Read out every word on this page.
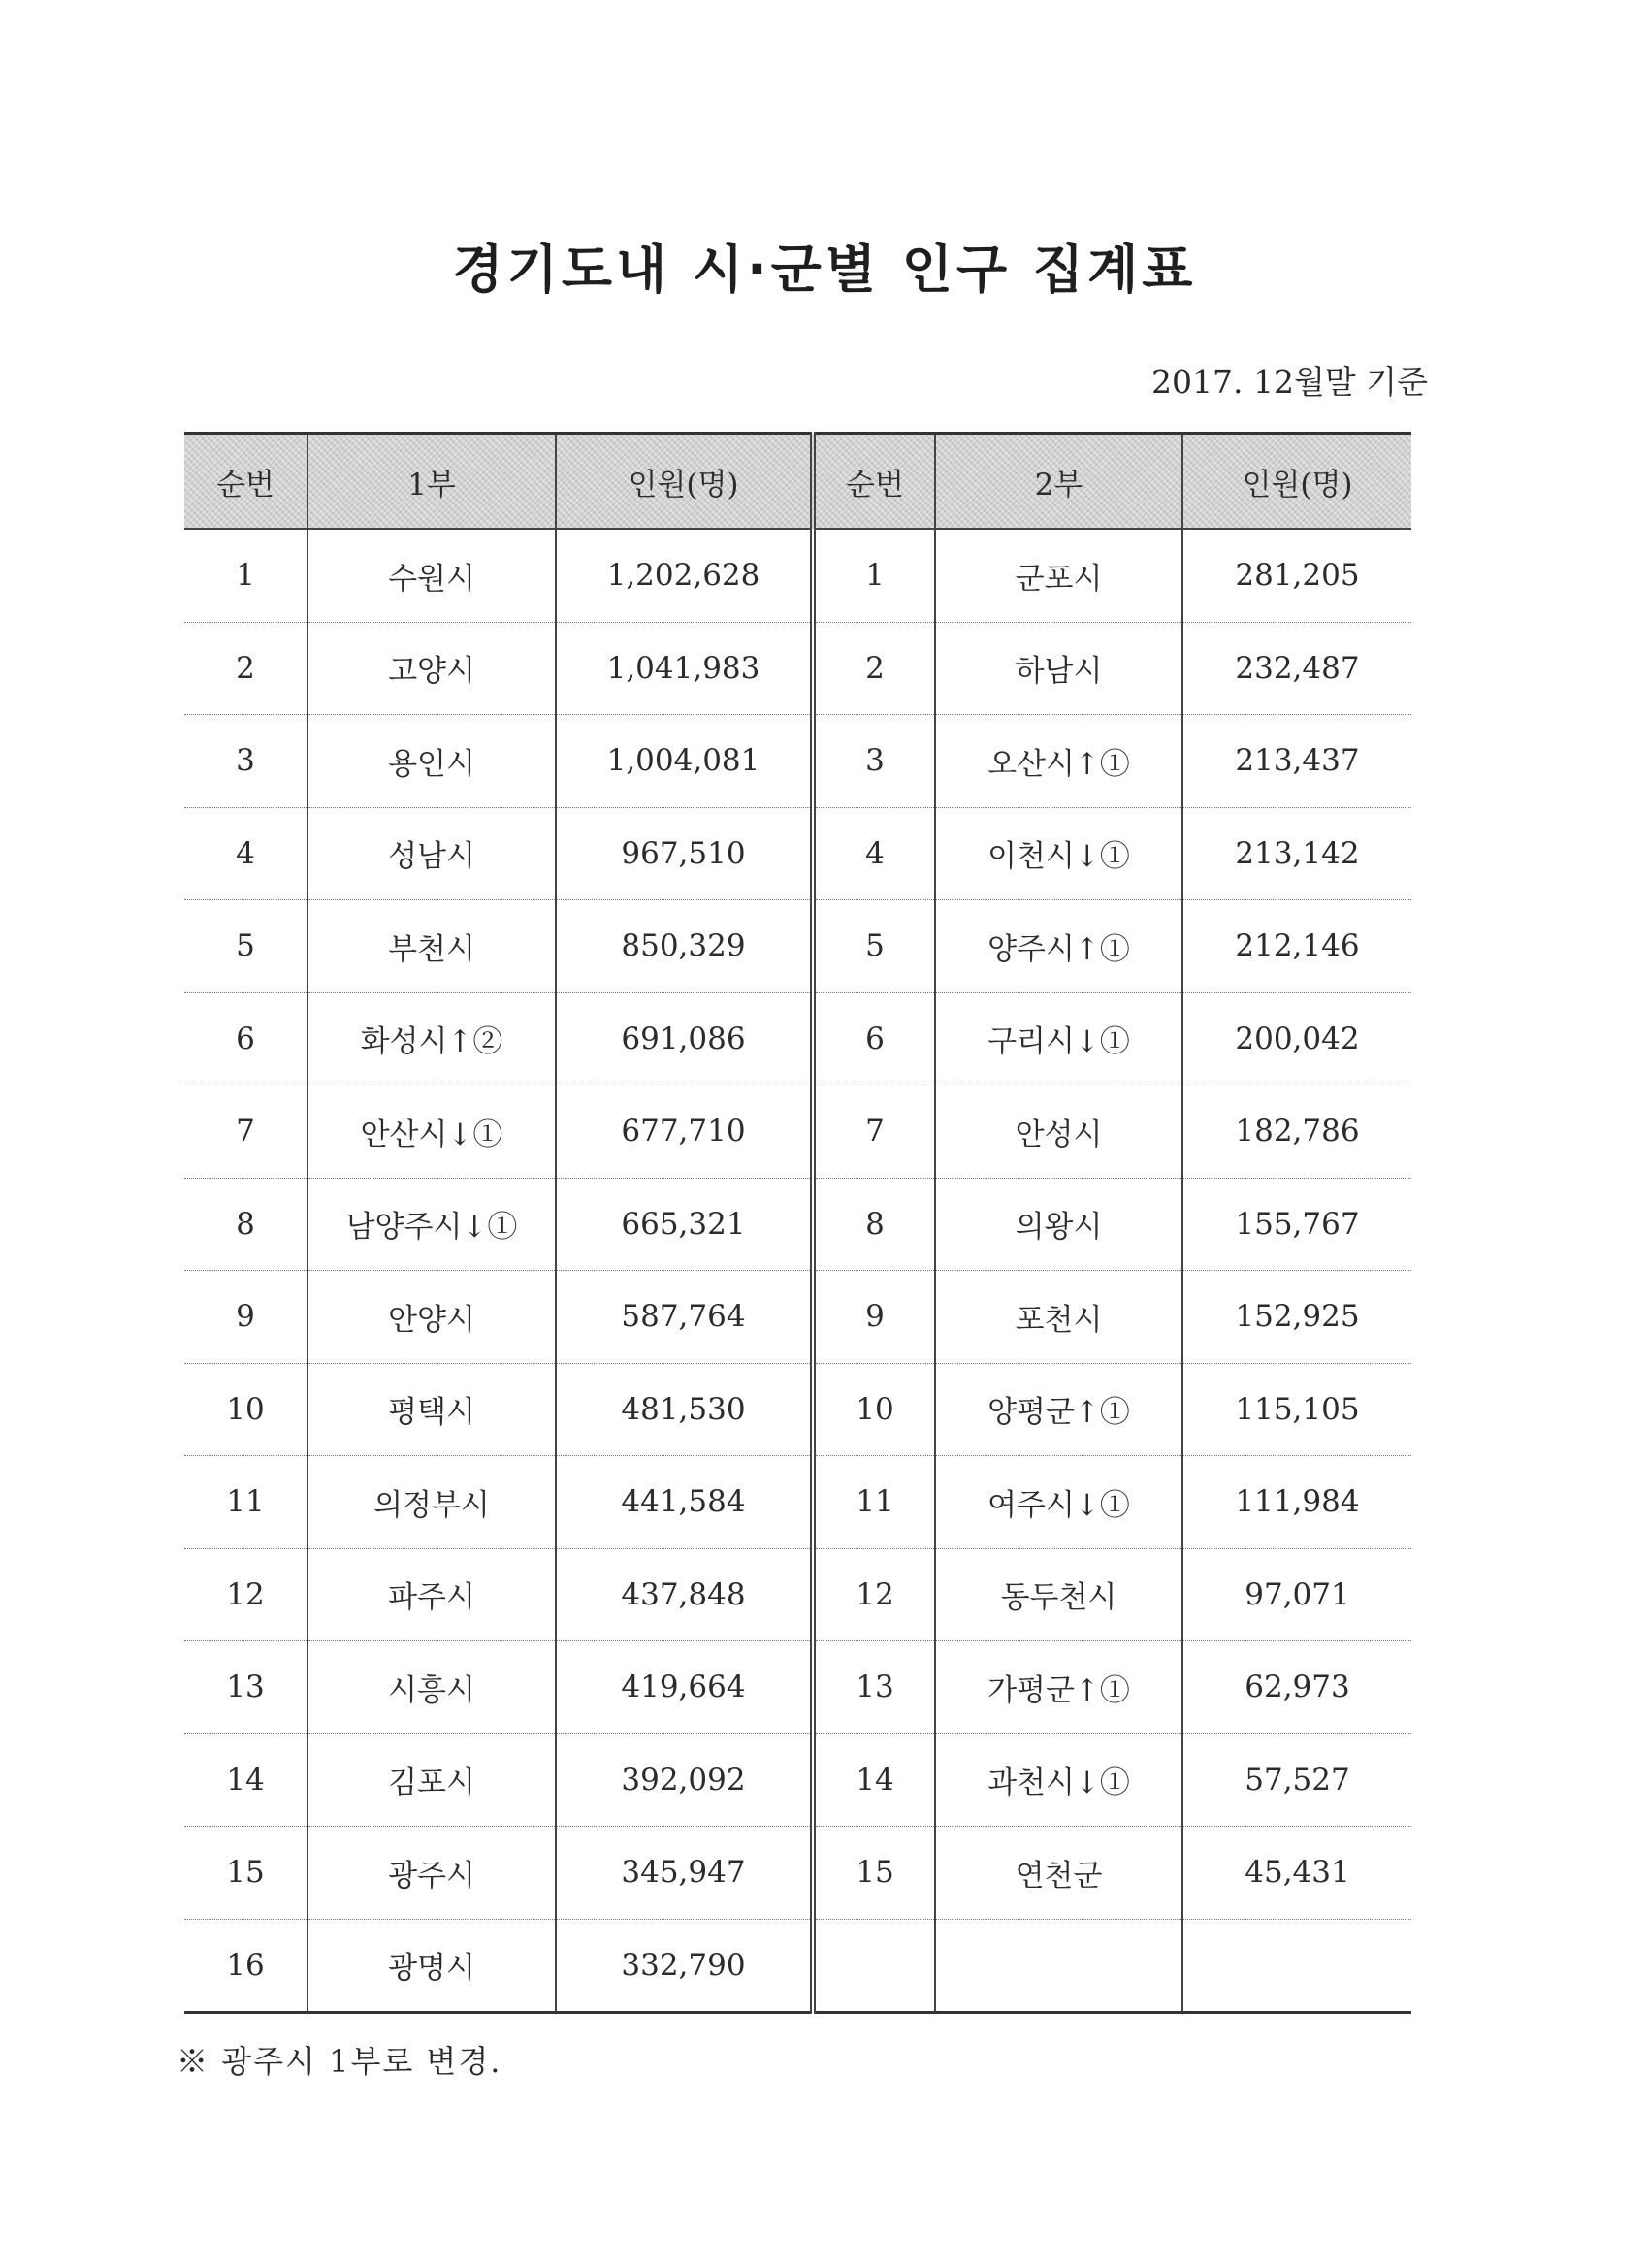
경기도내 시·군별 인구 집계표
2017. 12월말 기준
순번	1부	인원(명)	순번	2부	인원(명)
1	수원시	1,202,628	1	군포시	281,205
2	고양시	1,041,983	2	하남시	232,487
3	용인시	1,004,081	3	오산시↑①	213,437
4	성남시	967,510	4	이천시↓①	213,142
5	부천시	850,329	5	양주시↑①	212,146
6	화성시↑②	691,086	6	구리시↓①	200,042
7	안산시↓①	677,710	7	안성시	182,786
8	남양주시↓①	665,321	8	의왕시	155,767
9	안양시	587,764	9	포천시	152,925
10	평택시	481,530	10	양평군↑①	115,105
11	의정부시	441,584	11	여주시↓①	111,984
12	파주시	437,848	12	동두천시	97,071
13	시흥시	419,664	13	가평군↑①	62,973
14	김포시	392,092	14	과천시↓①	57,527
15	광주시	345,947	15	연천군	45,431
16	광명시	332,790			
※ 광주시 1부로 변경.
